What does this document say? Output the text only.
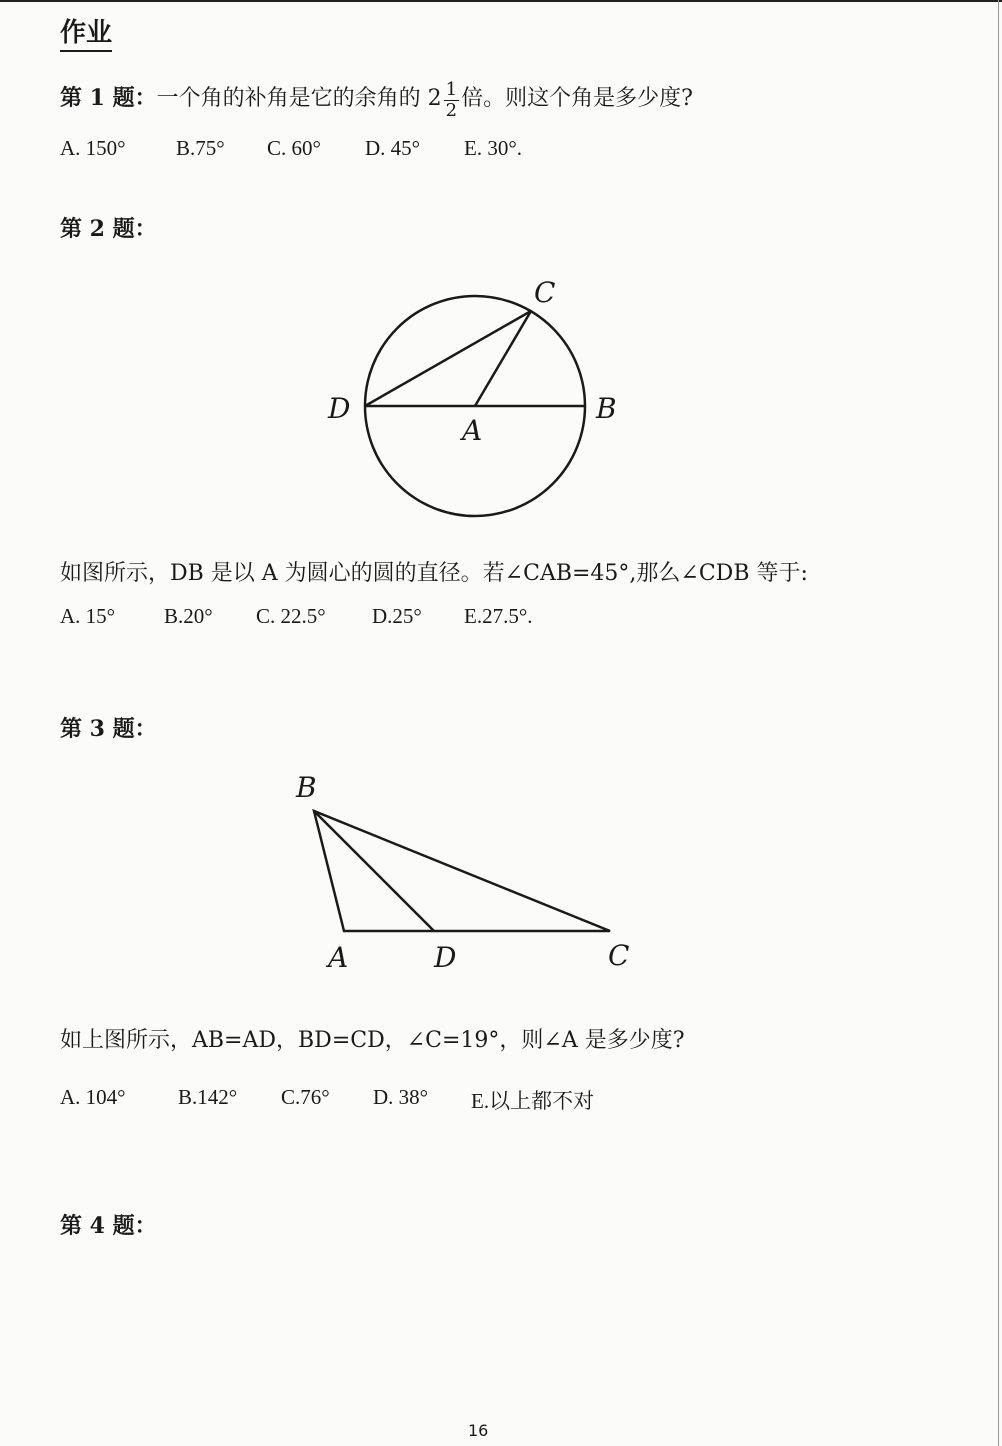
作业
第 1 题：一个角的补角是它的余角的 $2 \frac{1}{2}$ 倍。则这个角是多少度?
A. 150° B.75° C. 60° D. 45° E. 30°.
第 2 题：
C
D	B
A
如图所示，DB 是以 A 为圆心的圆的直径。若∠CAB=45°,那么∠CDB 等于:
A. 15° B.20° C. 22.5° D.25° E.27.5°.
第 3 题：
B
A	D	C
如上图所示，AB=AD，BD=CD，∠C=19°，则∠A 是多少度?
A. 104° B.142° C.76° D. 38° E.以上都不对
第 4 题：
16
